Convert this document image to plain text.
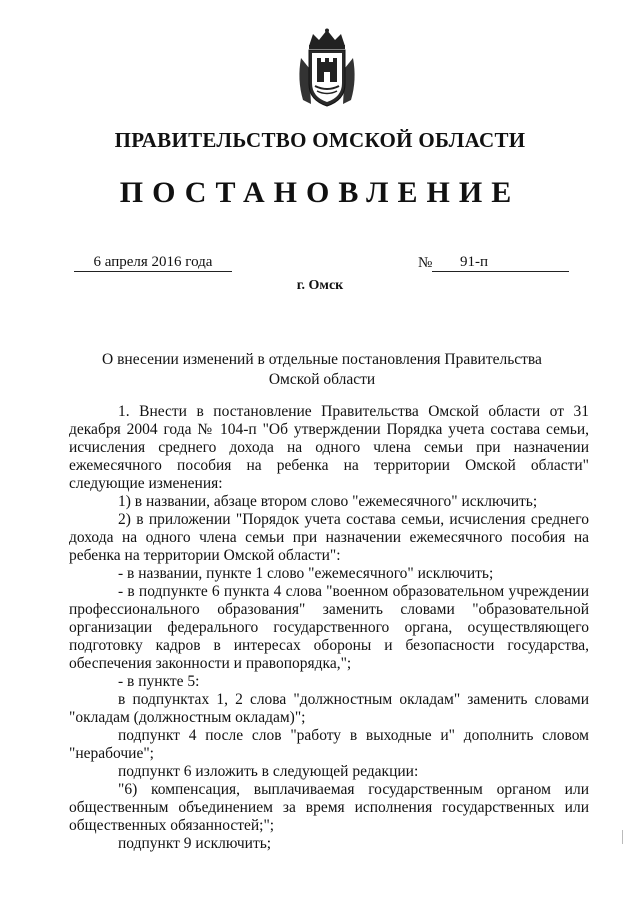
ПРАВИТЕЛЬСТВО ОМСКОЙ ОБЛАСТИ
ПОСТАНОВЛЕНИЕ
6 апреля 2016 года	№	91-п
г. Омск
О внесении изменений в отдельные постановления Правительства
Омской области

1. Внести в постановление Правительства Омской области от 31 декабря 2004 года № 104-п "Об утверждении Порядка учета состава семьи, исчисления среднего дохода на одного члена семьи при назначении ежемесячного пособия на ребенка на территории Омской области" следующие изменения:

1) в названии, абзаце втором слово "ежемесячного" исключить;

2) в приложении "Порядок учета состава семьи, исчисления среднего дохода на одного члена семьи при назначении ежемесячного пособия на ребенка на территории Омской области":

- в названии, пункте 1 слово "ежемесячного" исключить;

- в подпункте 6 пункта 4 слова "военном образовательном учреждении профессионального образования" заменить словами "образовательной организации федерального государственного органа, осуществляющего подготовку кадров в интересах обороны и безопасности государства, обеспечения законности и правопорядка,";

- в пункте 5:

в подпунктах 1, 2 слова "должностным окладам" заменить словами "окладам (должностным окладам)";

подпункт 4 после слов "работу в выходные и" дополнить словом "нерабочие";

подпункт 6 изложить в следующей редакции:

"6) компенсация, выплачиваемая государственным органом или общественным объединением за время исполнения государственных или общественных обязанностей;";

подпункт 9 исключить;
